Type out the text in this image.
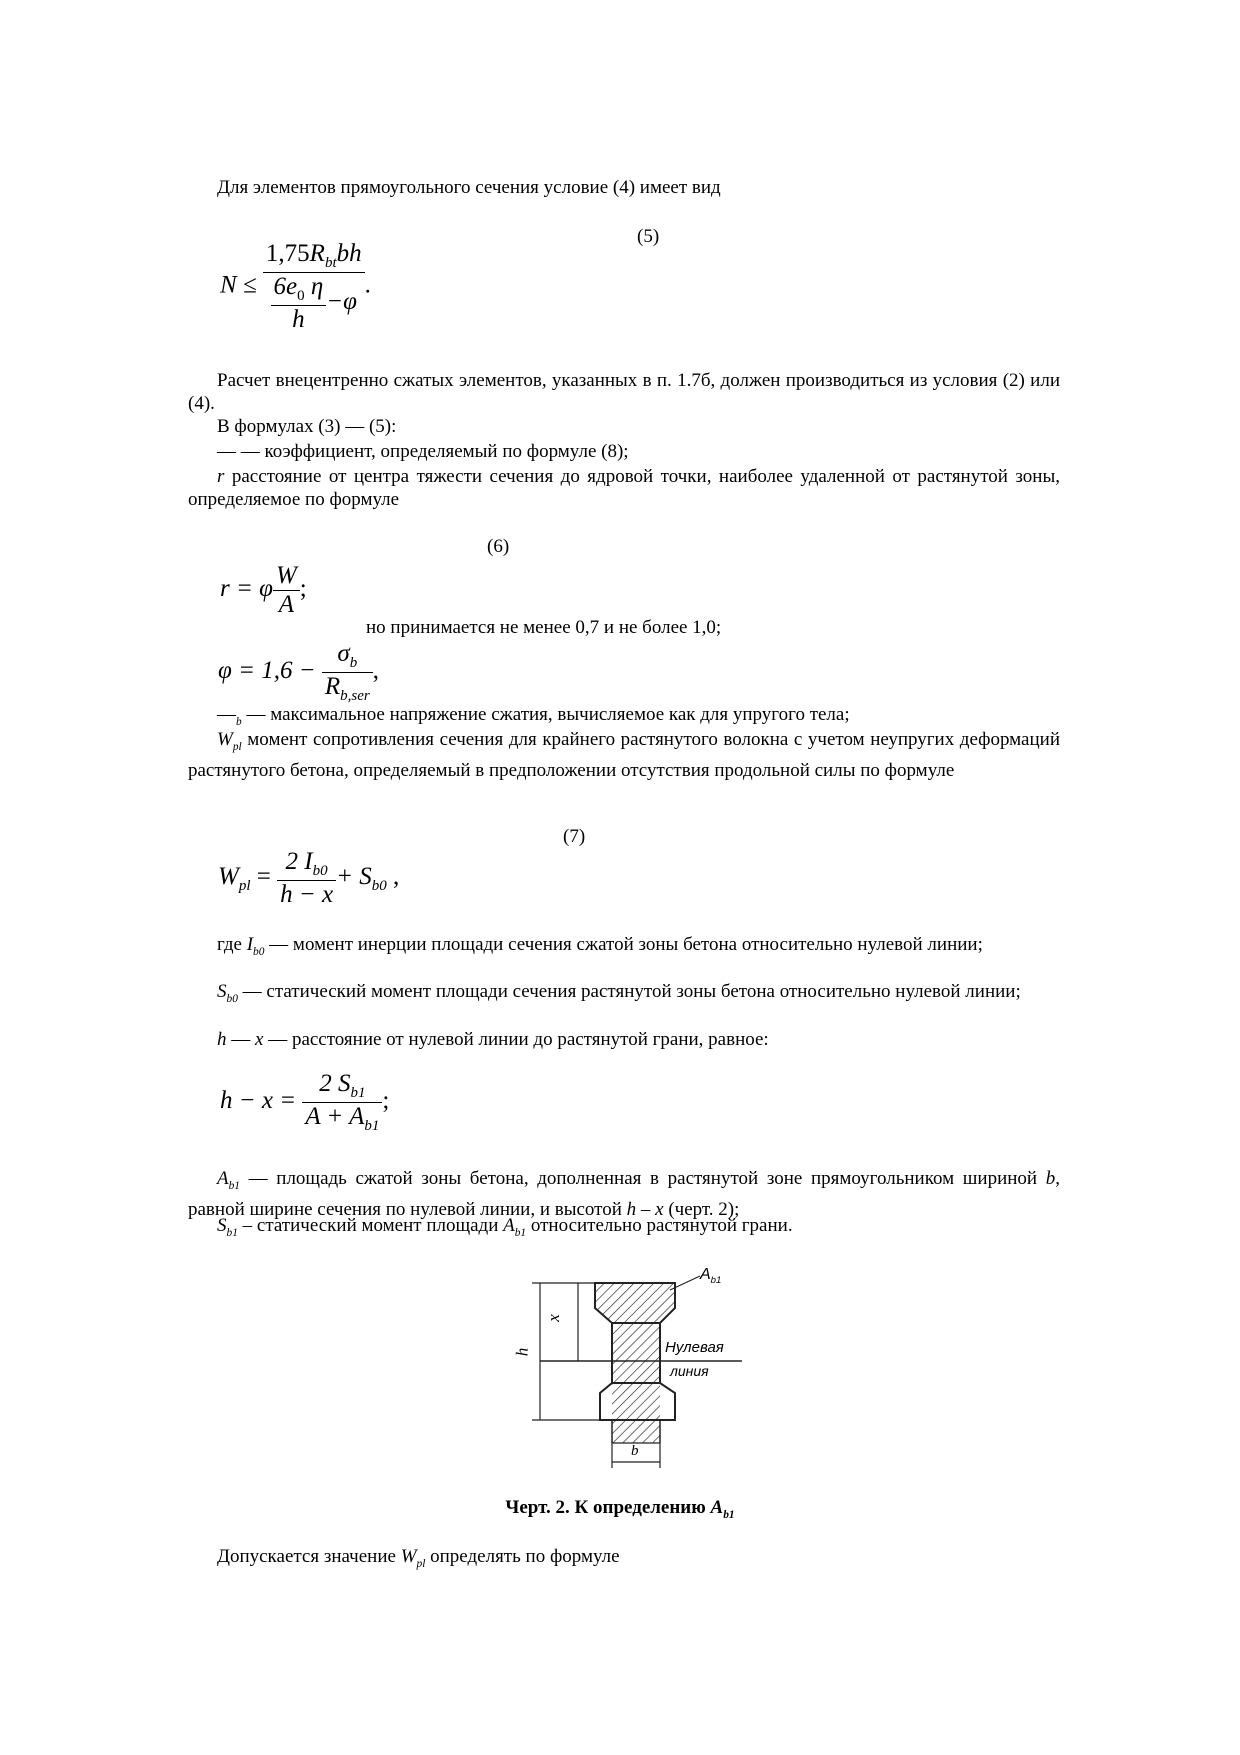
Для элементов прямоугольного сечения условие (4) имеет вид
(5)
$N \le \frac{1,75R_{bt}bh}{\frac{6e_0 \eta}{h} -\varphi}$ .
Расчет внецентренно сжатых элементов, указанных в п. 1.7б, должен производиться из условия (2) или (4).
В формулах (3) — (5):
— — коэффициент, определяемый по формуле (8);
r расстояние от центра тяжести сечения до ядровой точки, наиболее удаленной от растянутой зоны, определяемое по формуле
(6)
r = φ $\frac{W}{A}$ ;
но принимается не менее 0,7 и не более 1,0;
$\varphi = 1,6 - \frac{\sigma_b}{R_{b,ser}}$ ,
$—_b$ — максимальное напряжение сжатия, вычисляемое как для упругого тела;
$W_{pl}$ момент сопротивления сечения для крайнего растянутого волокна с учетом неупругих деформаций растянутого бетона, определяемый в предположении отсутствия продольной силы по формуле
(7)
$W_{pl} = \frac{2 I_{b0}}{h - x} + S_{b0}$ ,
где $I_{b0}$ — момент инерции площади сечения сжатой зоны бетона относительно нулевой линии;
$S_{b0}$ — статический момент площади сечения растянутой зоны бетона относительно нулевой линии;
h — x — расстояние от нулевой линии до растянутой грани, равное:
$h - x = \frac{2 S_{b1}}{A + A_{b1}}$ ;
$A_{b1}$ — площадь сжатой зоны бетона, дополненная в растянутой зоне прямоугольником шириной b, равной ширине сечения по нулевой линии, и высотой h – x (черт. 2);
$S_{b1}$ – статический момент площади $A_{b1}$ относительно растянутой грани.
$A_{b1}$
x
h
b
Нулевая
линия
Черт. 2. К определению $A_{b1}$
Допускается значение $W_{pl}$ определять по формуле
